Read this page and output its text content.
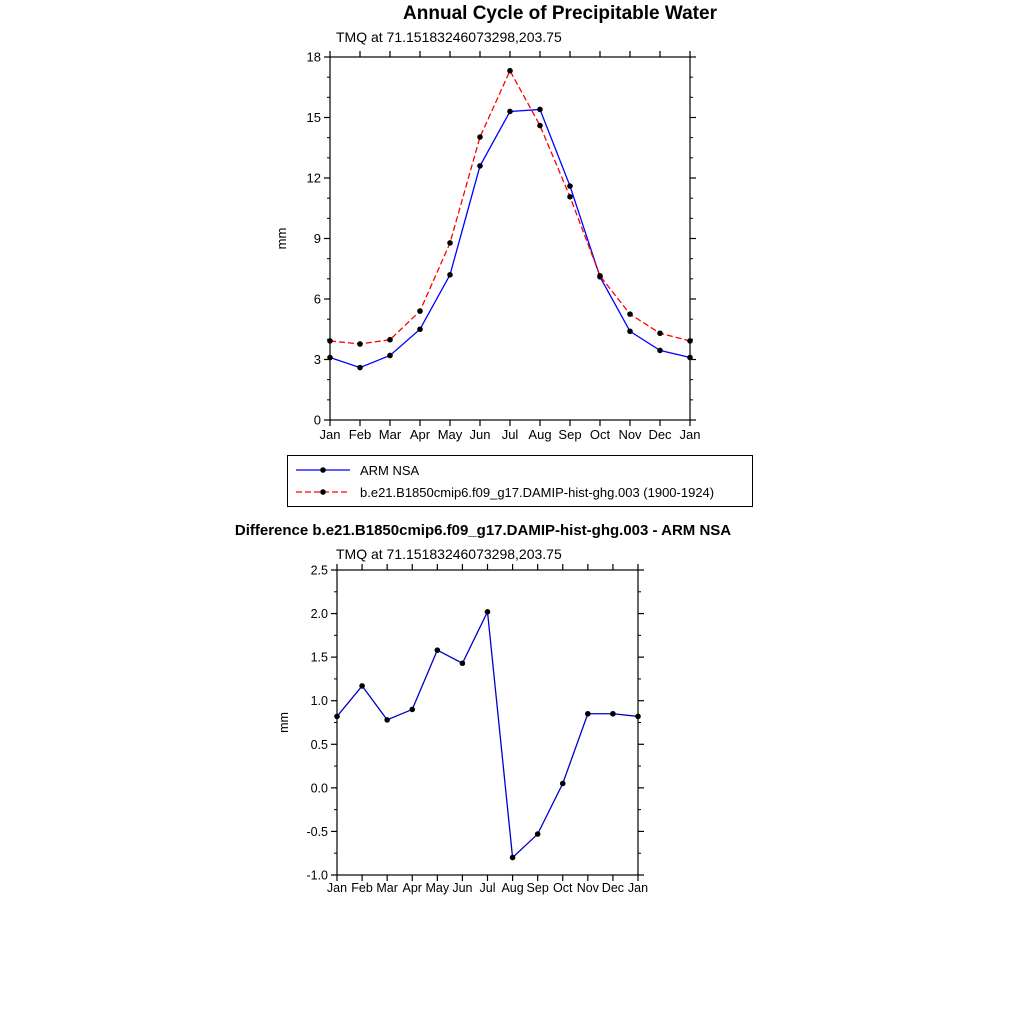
Annual Cycle of Precipitable Water
TMQ at 71.15183246073298,203.75
0
3
6
9
12
15
18
Jan Feb Mar Apr May Jun Jul Aug Sep Oct Nov Dec Jan
mm
ARM NSA
b.e21.B1850cmip6.f09_g17.DAMIP-hist-ghg.003 (1900-1924)
Difference b.e21.B1850cmip6.f09_g17.DAMIP-hist-ghg.003 - ARM NSA
TMQ at 71.15183246073298,203.75
-1.0
-0.5
0.0
0.5
1.0
1.5
2.0
2.5
Jan Feb Mar Apr May Jun Jul Aug Sep Oct Nov Dec Jan
mm
